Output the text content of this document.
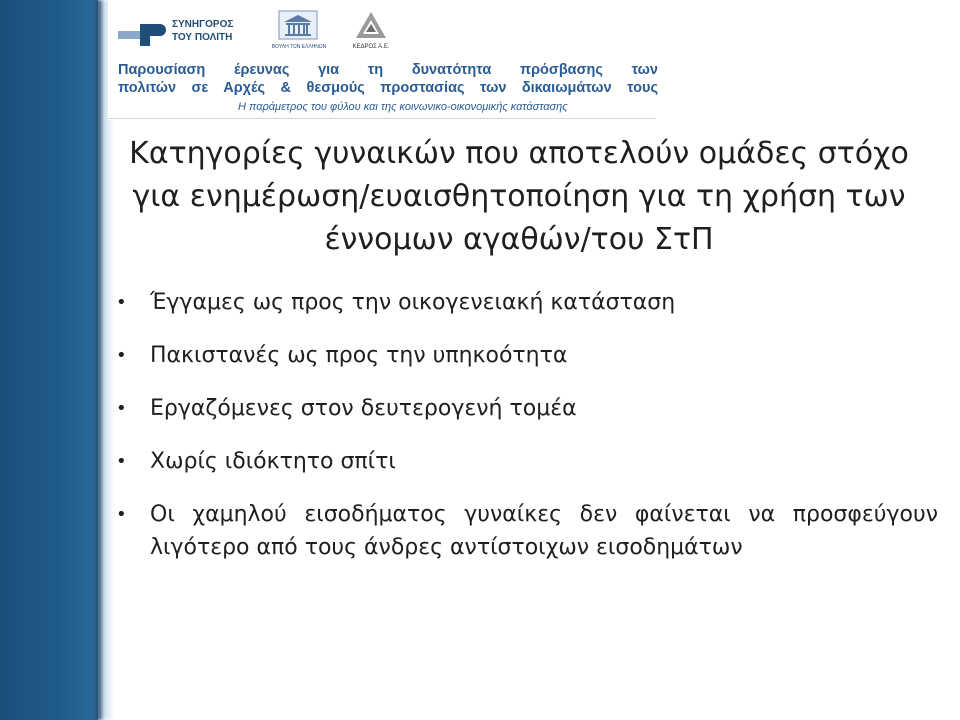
ΣΥΝΗΓΟΡΟΣ
ΤΟΥ ΠΟΛΙΤΗ
ΒΟΥΛΗ ΤΩΝ ΕΛΛΗΝΩΝ	ΚΕΔΡΟΣ Α.Ε.
Παρουσίαση έρευνας για τη δυνατότητα πρόσβασης των
πολιτών σε Αρχές & θεσμούς προστασίας των δικαιωμάτων τους
Η παράμετρος του φύλου και της κοινωνικο-οικονομικής κατάστασης
Κατηγορίες γυναικών που αποτελούν ομάδες στόχο για ενημέρωση/ευαισθητοποίηση για τη χρήση των έννομων αγαθών/του ΣτΠ
• Έγγαμες ως προς την οικογενειακή κατάσταση
• Πακιστανές ως προς την υπηκοότητα
• Εργαζόμενες στον δευτερογενή τομέα
• Χωρίς ιδιόκτητο σπίτι
• Οι χαμηλού εισοδήματος γυναίκες δεν φαίνεται να προσφεύγουν λιγότερο από τους άνδρες αντίστοιχων εισοδημάτων
